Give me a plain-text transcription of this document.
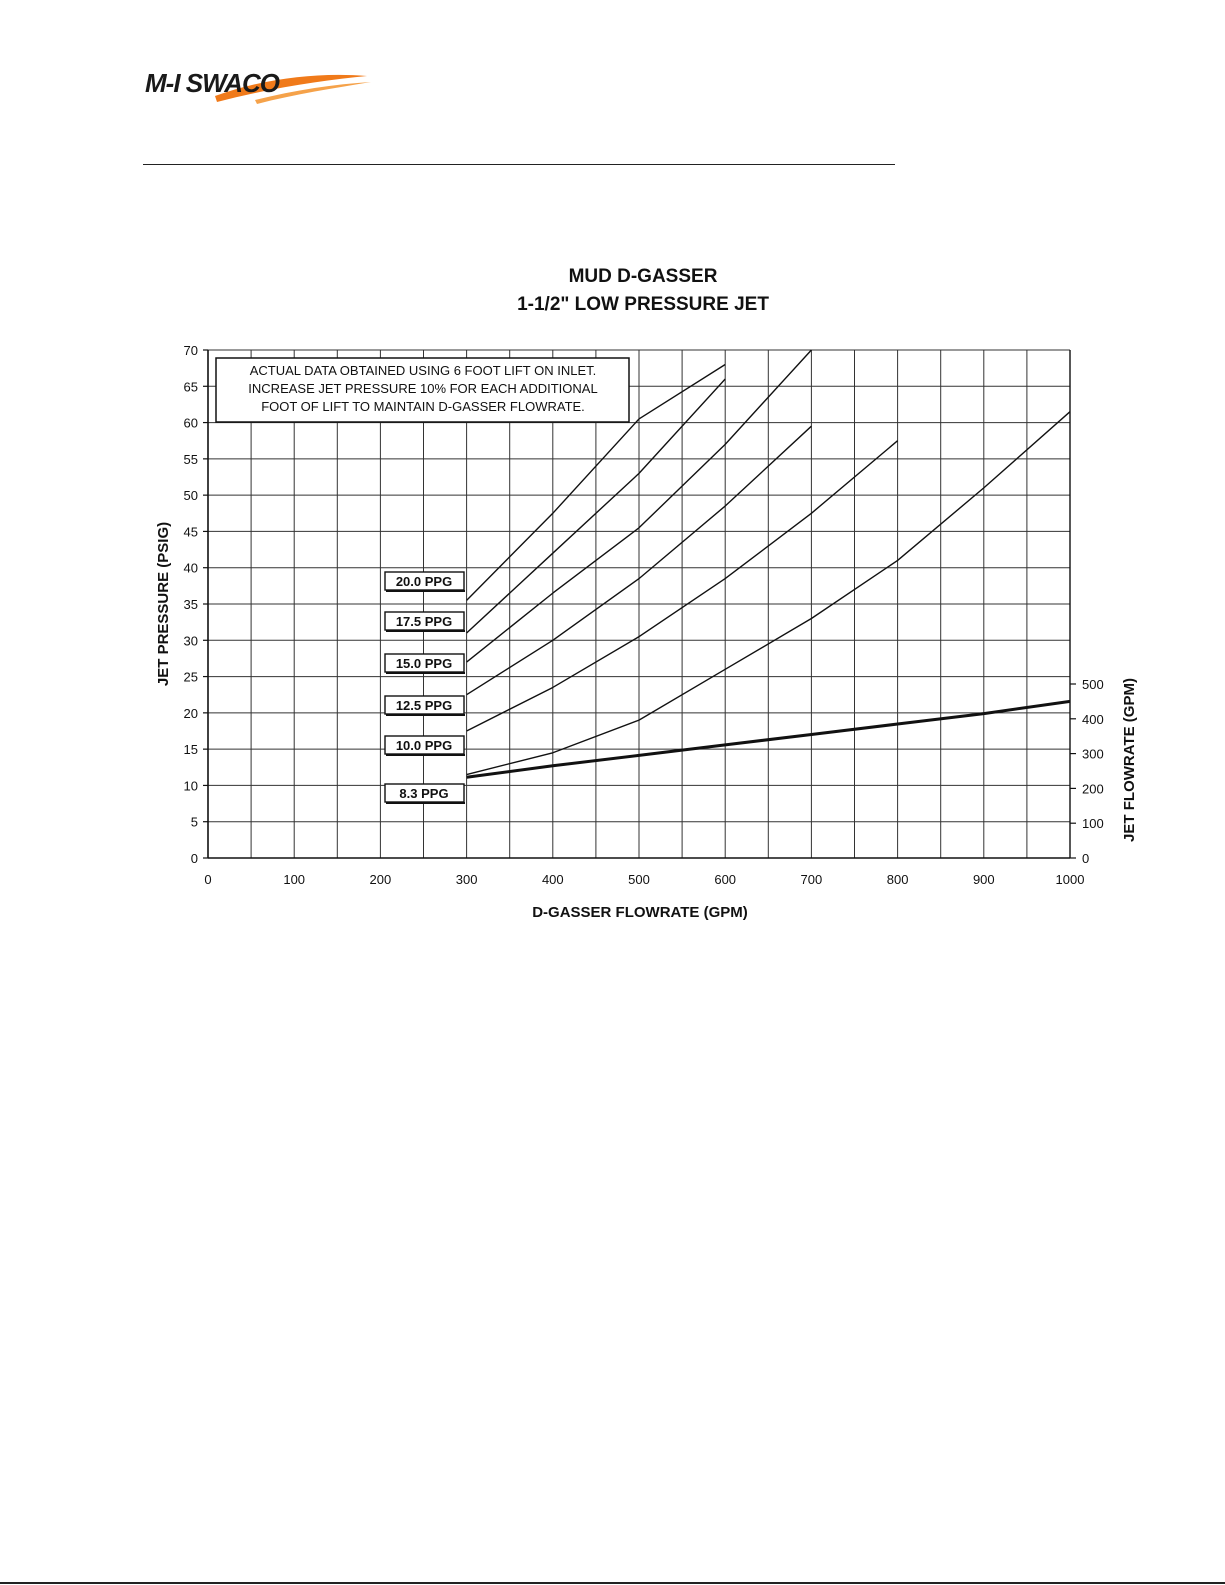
M-I SWACO
0	100	200	300	400	500	600	700	800	900	1000
0
5
10
15
20
25
30
35
40
45
50
55
60
65
70
0
100
200
300
400
500
MUD D-GASSER
1-1/2" LOW PRESSURE JET
D-GASSER FLOWRATE (GPM)
JET PRESSURE (PSIG)
JET FLOWRATE (GPM)
ACTUAL DATA OBTAINED USING 6 FOOT LIFT ON INLET.
INCREASE JET PRESSURE 10% FOR EACH ADDITIONAL
FOOT OF LIFT TO MAINTAIN D-GASSER FLOWRATE.
20.0 PPG
17.5 PPG
15.0 PPG
12.5 PPG
10.0 PPG
8.3 PPG
